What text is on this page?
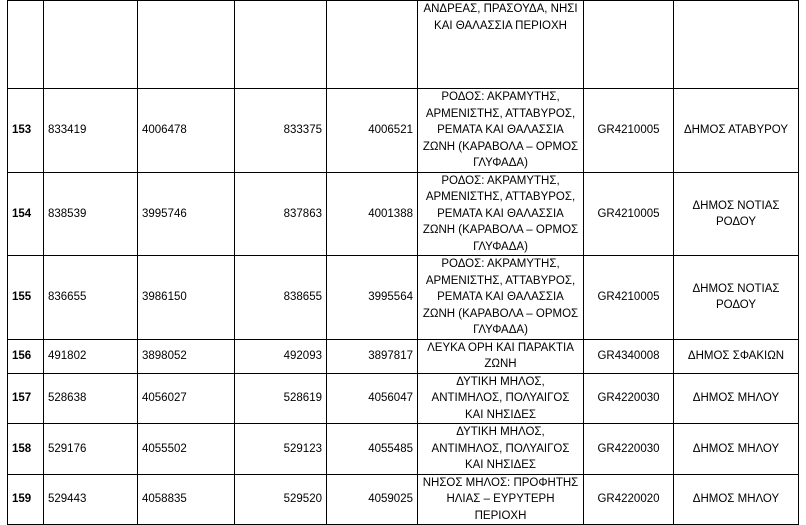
					ΑΝΔΡΕΑΣ, ΠΡΑΣΟΥΔΑ, ΝΗΣΙ
ΚΑΙ ΘΑΛΑΣΣΙΑ ΠΕΡΙΟΧΗ		

153	833419	4006478	833375	4006521	ΡΟΔΟΣ: ΑΚΡΑΜΥΤΗΣ,
ΑΡΜΕΝΙΣΤΗΣ, ΑΤΤΑΒΥΡΟΣ,
ΡΕΜΑΤΑ ΚΑΙ ΘΑΛΑΣΣΙΑ
ΖΩΝΗ (ΚΑΡΑΒΟΛΑ – ΟΡΜΟΣ
ΓΛΥΦΑΔΑ)	GR4210005	ΔΗΜΟΣ ΑΤΑΒΥΡΟΥ

154	838539	3995746	837863	4001388	ΡΟΔΟΣ: ΑΚΡΑΜΥΤΗΣ,
ΑΡΜΕΝΙΣΤΗΣ, ΑΤΤΑΒΥΡΟΣ,
ΡΕΜΑΤΑ ΚΑΙ ΘΑΛΑΣΣΙΑ
ΖΩΝΗ (ΚΑΡΑΒΟΛΑ – ΟΡΜΟΣ
ΓΛΥΦΑΔΑ)	GR4210005	ΔΗΜΟΣ ΝΟΤΙΑΣ
ΡΟΔΟΥ

155	836655	3986150	838655	3995564	ΡΟΔΟΣ: ΑΚΡΑΜΥΤΗΣ,
ΑΡΜΕΝΙΣΤΗΣ, ΑΤΤΑΒΥΡΟΣ,
ΡΕΜΑΤΑ ΚΑΙ ΘΑΛΑΣΣΙΑ
ΖΩΝΗ (ΚΑΡΑΒΟΛΑ – ΟΡΜΟΣ
ΓΛΥΦΑΔΑ)	GR4210005	ΔΗΜΟΣ ΝΟΤΙΑΣ
ΡΟΔΟΥ

156	491802	3898052	492093	3897817	ΛΕΥΚΑ ΟΡΗ ΚΑΙ ΠΑΡΑΚΤΙΑ
ΖΩΝΗ	GR4340008	ΔΗΜΟΣ ΣΦΑΚΙΩΝ

157	528638	4056027	528619	4056047	ΔΥΤΙΚΗ ΜΗΛΟΣ,
ΑΝΤΙΜΗΛΟΣ, ΠΟΛΥΑΙΓΟΣ
ΚΑΙ ΝΗΣΙΔΕΣ	GR4220030	ΔΗΜΟΣ ΜΗΛΟΥ

158	529176	4055502	529123	4055485	ΔΥΤΙΚΗ ΜΗΛΟΣ,
ΑΝΤΙΜΗΛΟΣ, ΠΟΛΥΑΙΓΟΣ
ΚΑΙ ΝΗΣΙΔΕΣ	GR4220030	ΔΗΜΟΣ ΜΗΛΟΥ

159	529443	4058835	529520	4059025	ΝΗΣΟΣ ΜΗΛΟΣ: ΠΡΟΦΗΤΗΣ
ΗΛΙΑΣ – ΕΥΡΥΤΕΡΗ ΠΕΡΙΟΧΗ	GR4220020	ΔΗΜΟΣ ΜΗΛΟΥ
